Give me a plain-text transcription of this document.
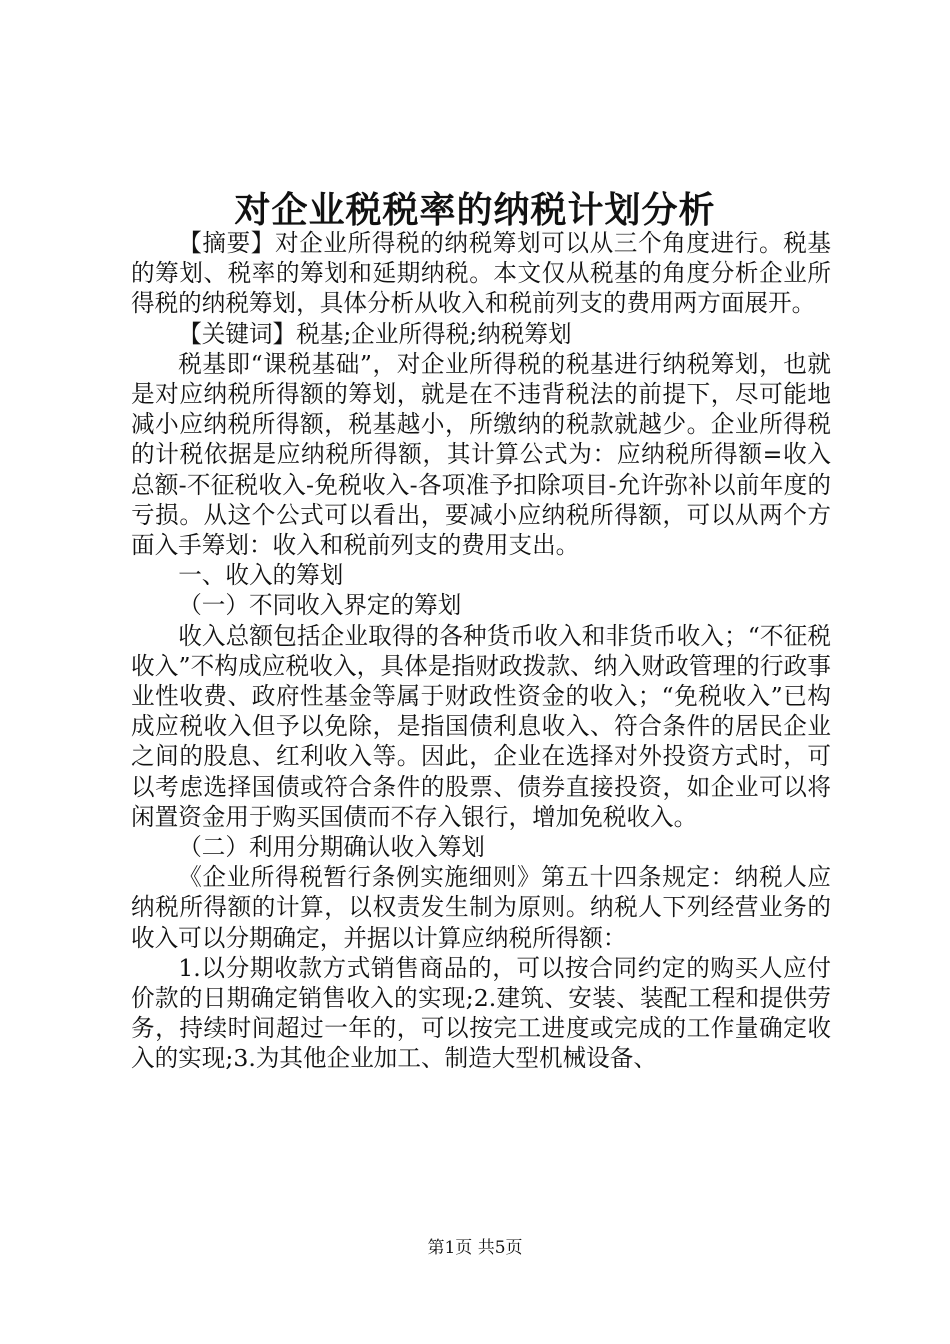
对企业税税率的纳税计划分析

【摘要】对企业所得税的纳税筹划可以从三个角度进行。税基的筹划、税率的筹划和延期纳税。本文仅从税基的角度分析企业所得税的纳税筹划，具体分析从收入和税前列支的费用两方面展开。

【关键词】税基;企业所得税;纳税筹划

税基即“课税基础”，对企业所得税的税基进行纳税筹划，也就是对应纳税所得额的筹划，就是在不违背税法的前提下，尽可能地减小应纳税所得额，税基越小，所缴纳的税款就越少。企业所得税的计税依据是应纳税所得额，其计算公式为：应纳税所得额=收入总额-不征税收入-免税收入-各项准予扣除项目-允许弥补以前年度的亏损。从这个公式可以看出，要减小应纳税所得额，可以从两个方面入手筹划：收入和税前列支的费用支出。

一、收入的筹划

（一）不同收入界定的筹划

收入总额包括企业取得的各种货币收入和非货币收入；“不征税收入”不构成应税收入，具体是指财政拨款、纳入财政管理的行政事业性收费、政府性基金等属于财政性资金的收入；“免税收入”已构成应税收入但予以免除，是指国债利息收入、符合条件的居民企业之间的股息、红利收入等。因此，企业在选择对外投资方式时，可以考虑选择国债或符合条件的股票、债券直接投资，如企业可以将闲置资金用于购买国债而不存入银行，增加免税收入。

（二）利用分期确认收入筹划

《企业所得税暂行条例实施细则》第五十四条规定：纳税人应纳税所得额的计算，以权责发生制为原则。纳税人下列经营业务的收入可以分期确定，并据以计算应纳税所得额：

1.以分期收款方式销售商品的，可以按合同约定的购买人应付价款的日期确定销售收入的实现;2.建筑、安装、装配工程和提供劳务，持续时间超过一年的，可以按完工进度或完成的工作量确定收入的实现;3.为其他企业加工、制造大型机械设备、

第1页 共5页
